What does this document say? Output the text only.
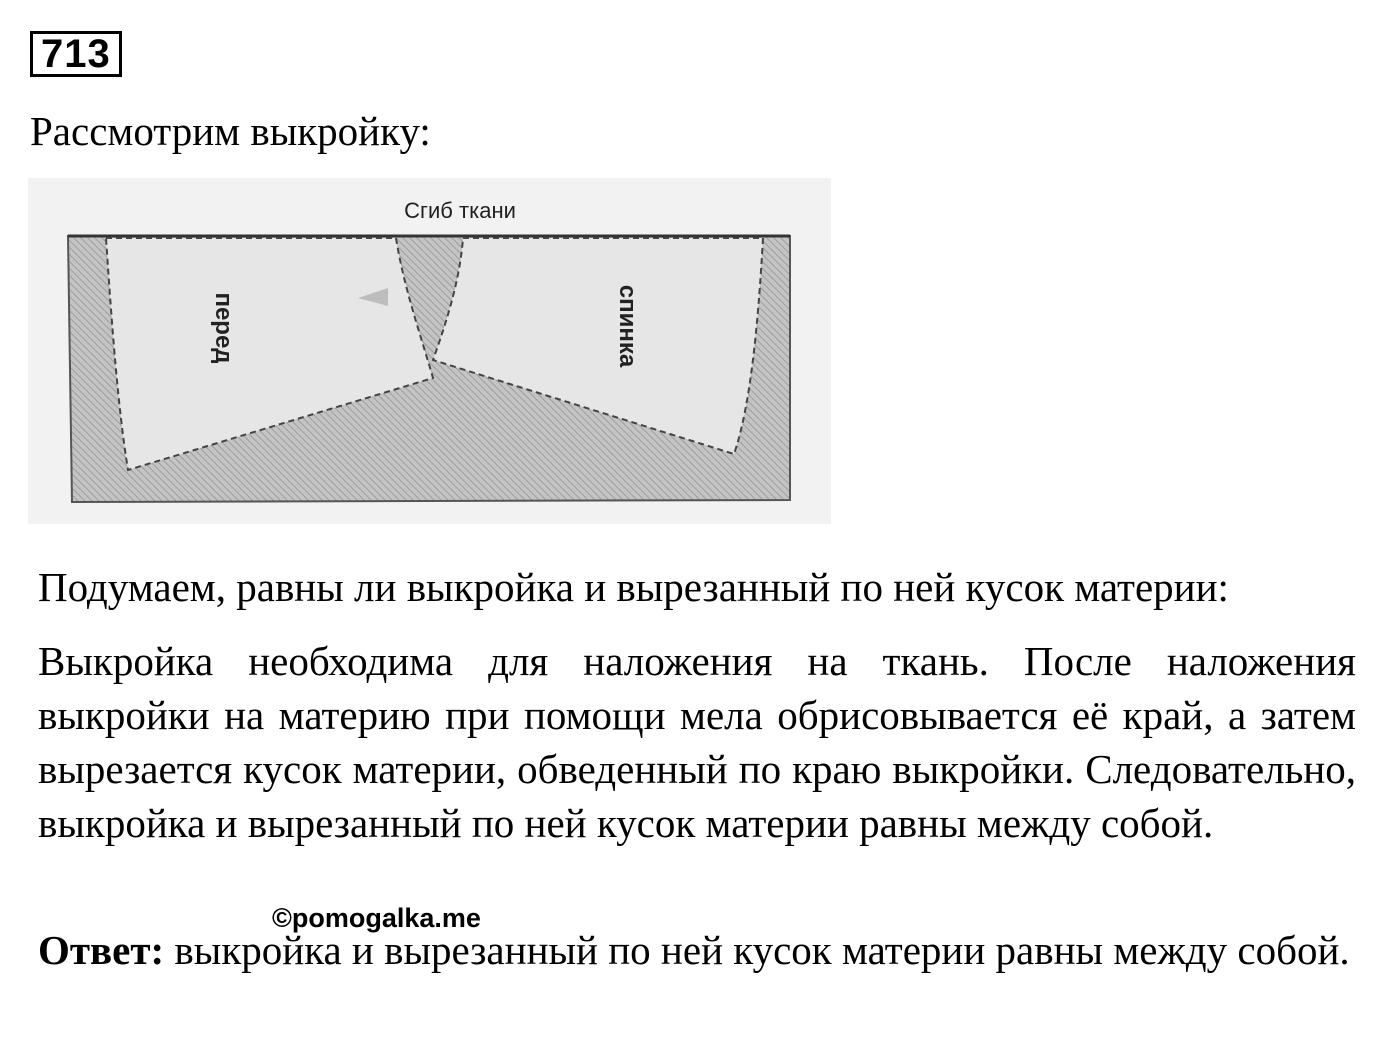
713
Рассмотрим выкройку:
Сгиб ткани
перед	спинка
Подумаем, равны ли выкройка и вырезанный по ней кусок материи:
Выкройка необходима для наложения на ткань. После наложения выкройки на материю при помощи мела обрисовывается её край, а затем вырезается кусок материи, обведенный по краю выкройки. Следовательно, выкройка и вырезанный по ней кусок материи равны между собой.
©pomogalka.me
Ответ: выкройка и вырезанный по ней кусок материи равны между собой.
